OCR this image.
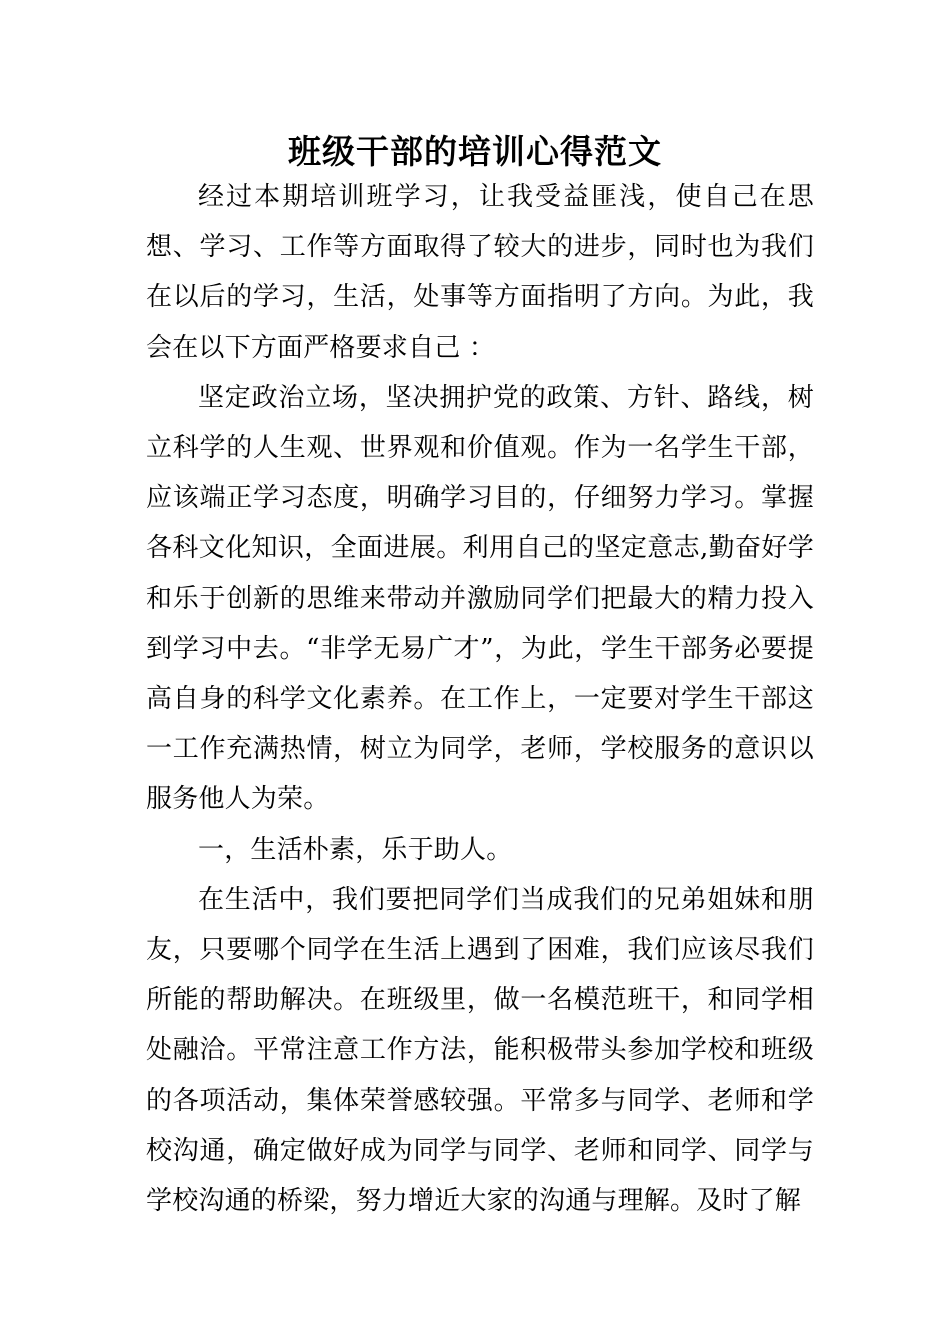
班级干部的培训心得范文

经过本期培训班学习，让我受益匪浅，使自己在思想、学习、工作等方面取得了较大的进步，同时也为我们在以后的学习，生活，处事等方面指明了方向。为此，我会在以下方面严格要求自己 ：

坚定政治立场，坚决拥护党的政策、方针、路线，树立科学的人生观、世界观和价值观。作为一名学生干部，应该端正学习态度，明确学习目的，仔细努力学习。掌握各科文化知识，全面进展。利用自己的坚定意志,勤奋好学和乐于创新的思维来带动并激励同学们把最大的精力投入到学习中去。“非学无易广才”，为此，学生干部务必要提高自身的科学文化素养。在工作上，一定要对学生干部这一工作充满热情，树立为同学，老师，学校服务的意识以服务他人为荣。

一，生活朴素，乐于助人。

在生活中，我们要把同学们当成我们的兄弟姐妹和朋友，只要哪个同学在生活上遇到了困难，我们应该尽我们所能的帮助解决。在班级里，做一名模范班干，和同学相处融洽。平常注意工作方法，能积极带头参加学校和班级的各项活动，集体荣誉感较强。平常多与同学、老师和学校沟通，确定做好成为同学与同学、老师和同学、同学与学校沟通的桥梁，努力增近大家的沟通与理解。及时了解
